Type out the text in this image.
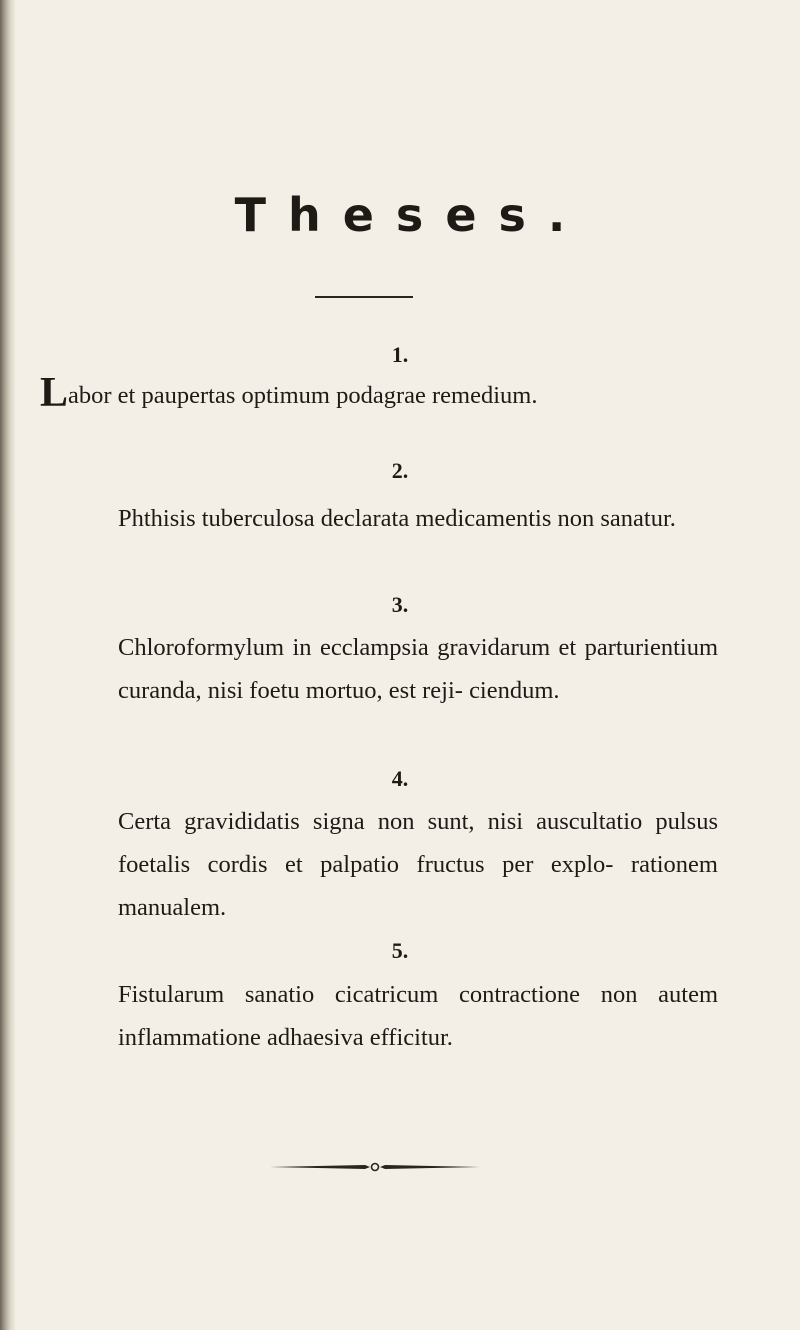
Theses.
1.

Labor et paupertas optimum podagrae remedium.

2.

Phthisis tuberculosa declarata medicamentis non sanatur.

3.

Chloroformylum in ecclampsia gravidarum et parturientium curanda, nisi foetu mortuo, est reji- ciendum.

4.

Certa gravididatis signa non sunt, nisi auscultatio pulsus foetalis cordis et palpatio fructus per explo- rationem manualem.

5.

Fistularum sanatio cicatricum contractione non autem inflammatione adhaesiva efficitur.
